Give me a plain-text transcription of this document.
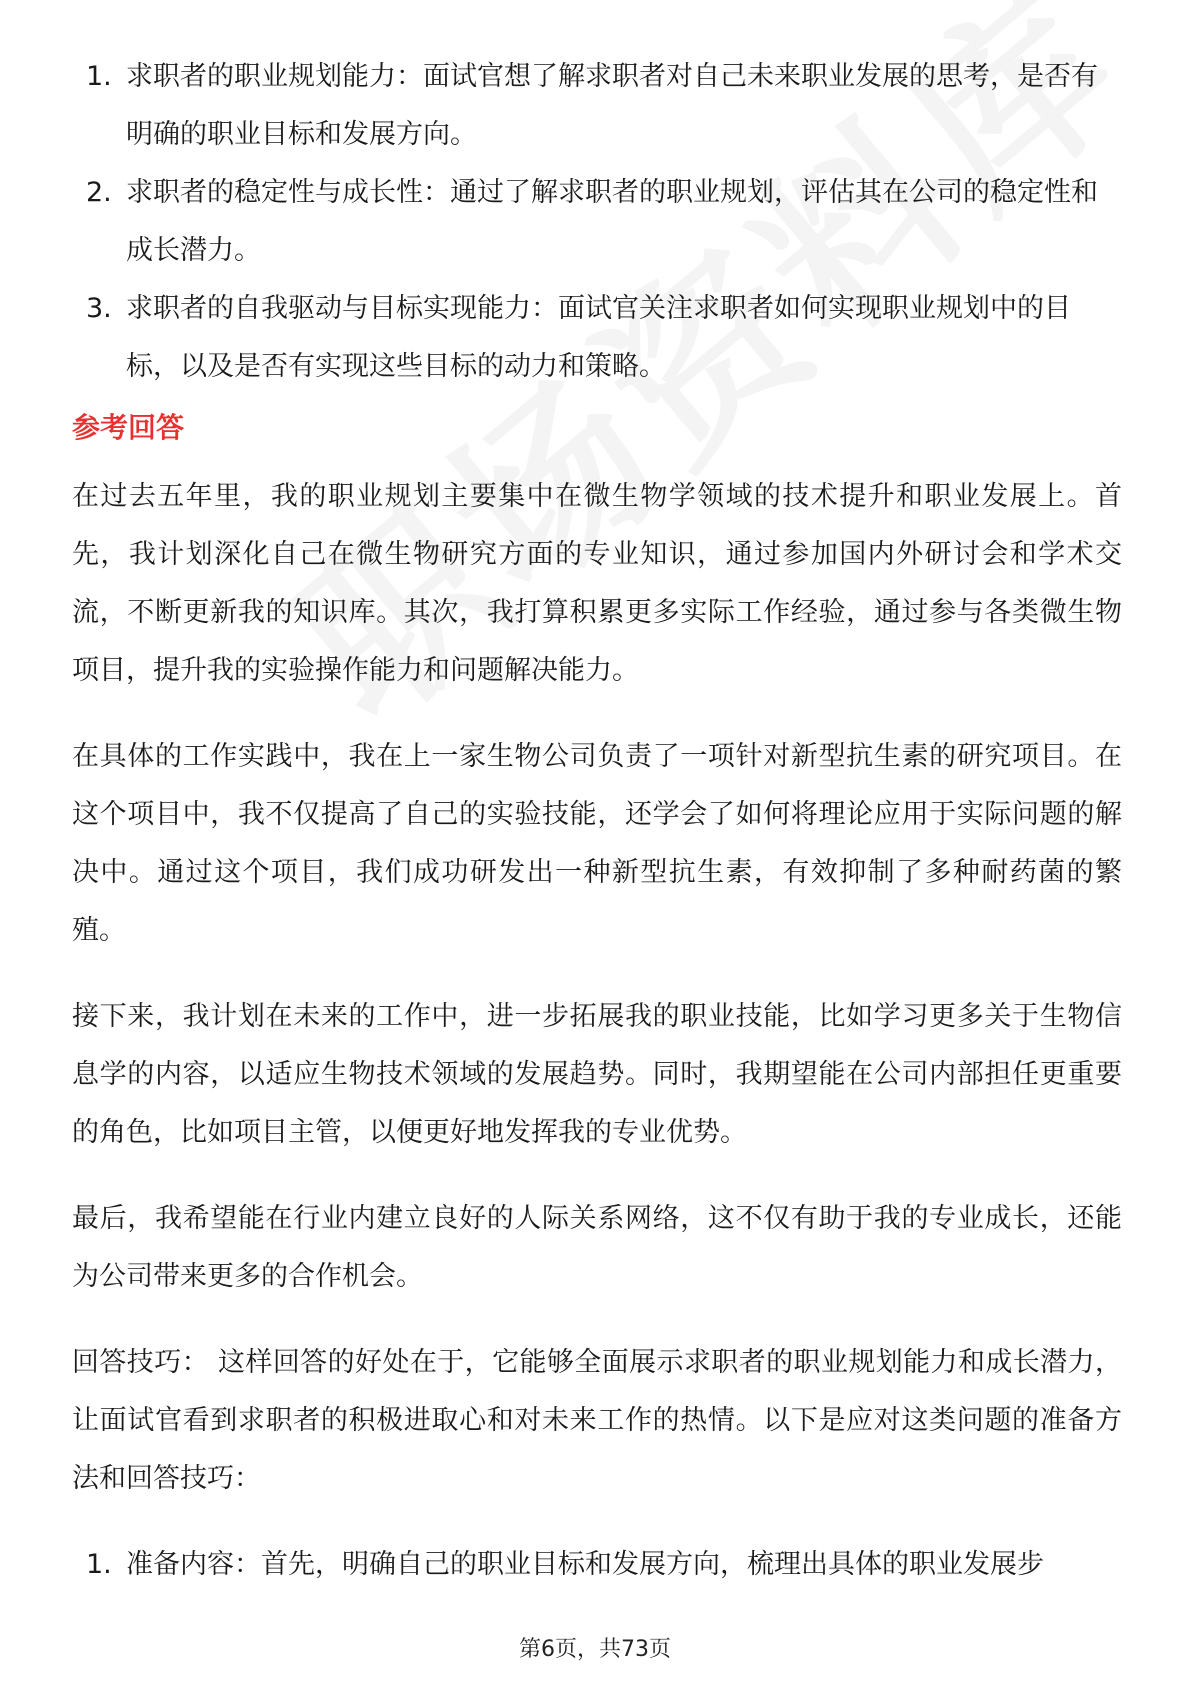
1. 求职者的职业规划能力：面试官想了解求职者对自己未来职业发展的思考，是否有明确的职业目标和发展方向。
2. 求职者的稳定性与成长性：通过了解求职者的职业规划，评估其在公司的稳定性和成长潜力。
3. 求职者的自我驱动与目标实现能力：面试官关注求职者如何实现职业规划中的目标，以及是否有实现这些目标的动力和策略。
参考回答

在过去五年里，我的职业规划主要集中在微生物学领域的技术提升和职业发展上。首先，我计划深化自己在微生物研究方面的专业知识，通过参加国内外研讨会和学术交流，不断更新我的知识库。其次，我打算积累更多实际工作经验，通过参与各类微生物项目，提升我的实验操作能力和问题解决能力。

在具体的工作实践中，我在上一家生物公司负责了一项针对新型抗生素的研究项目。在这个项目中，我不仅提高了自己的实验技能，还学会了如何将理论应用于实际问题的解决中。通过这个项目，我们成功研发出一种新型抗生素，有效抑制了多种耐药菌的繁殖。

接下来，我计划在未来的工作中，进一步拓展我的职业技能，比如学习更多关于生物信息学的内容，以适应生物技术领域的发展趋势。同时，我期望能在公司内部担任更重要的角色，比如项目主管，以便更好地发挥我的专业优势。

最后，我希望能在行业内建立良好的人际关系网络，这不仅有助于我的专业成长，还能为公司带来更多的合作机会。

回答技巧： 这样回答的好处在于，它能够全面展示求职者的职业规划能力和成长潜力，让面试官看到求职者的积极进取心和对未来工作的热情。以下是应对这类问题的准备方法和回答技巧：

1. 准备内容：首先，明确自己的职业目标和发展方向，梳理出具体的职业发展步
第6页，共73页
